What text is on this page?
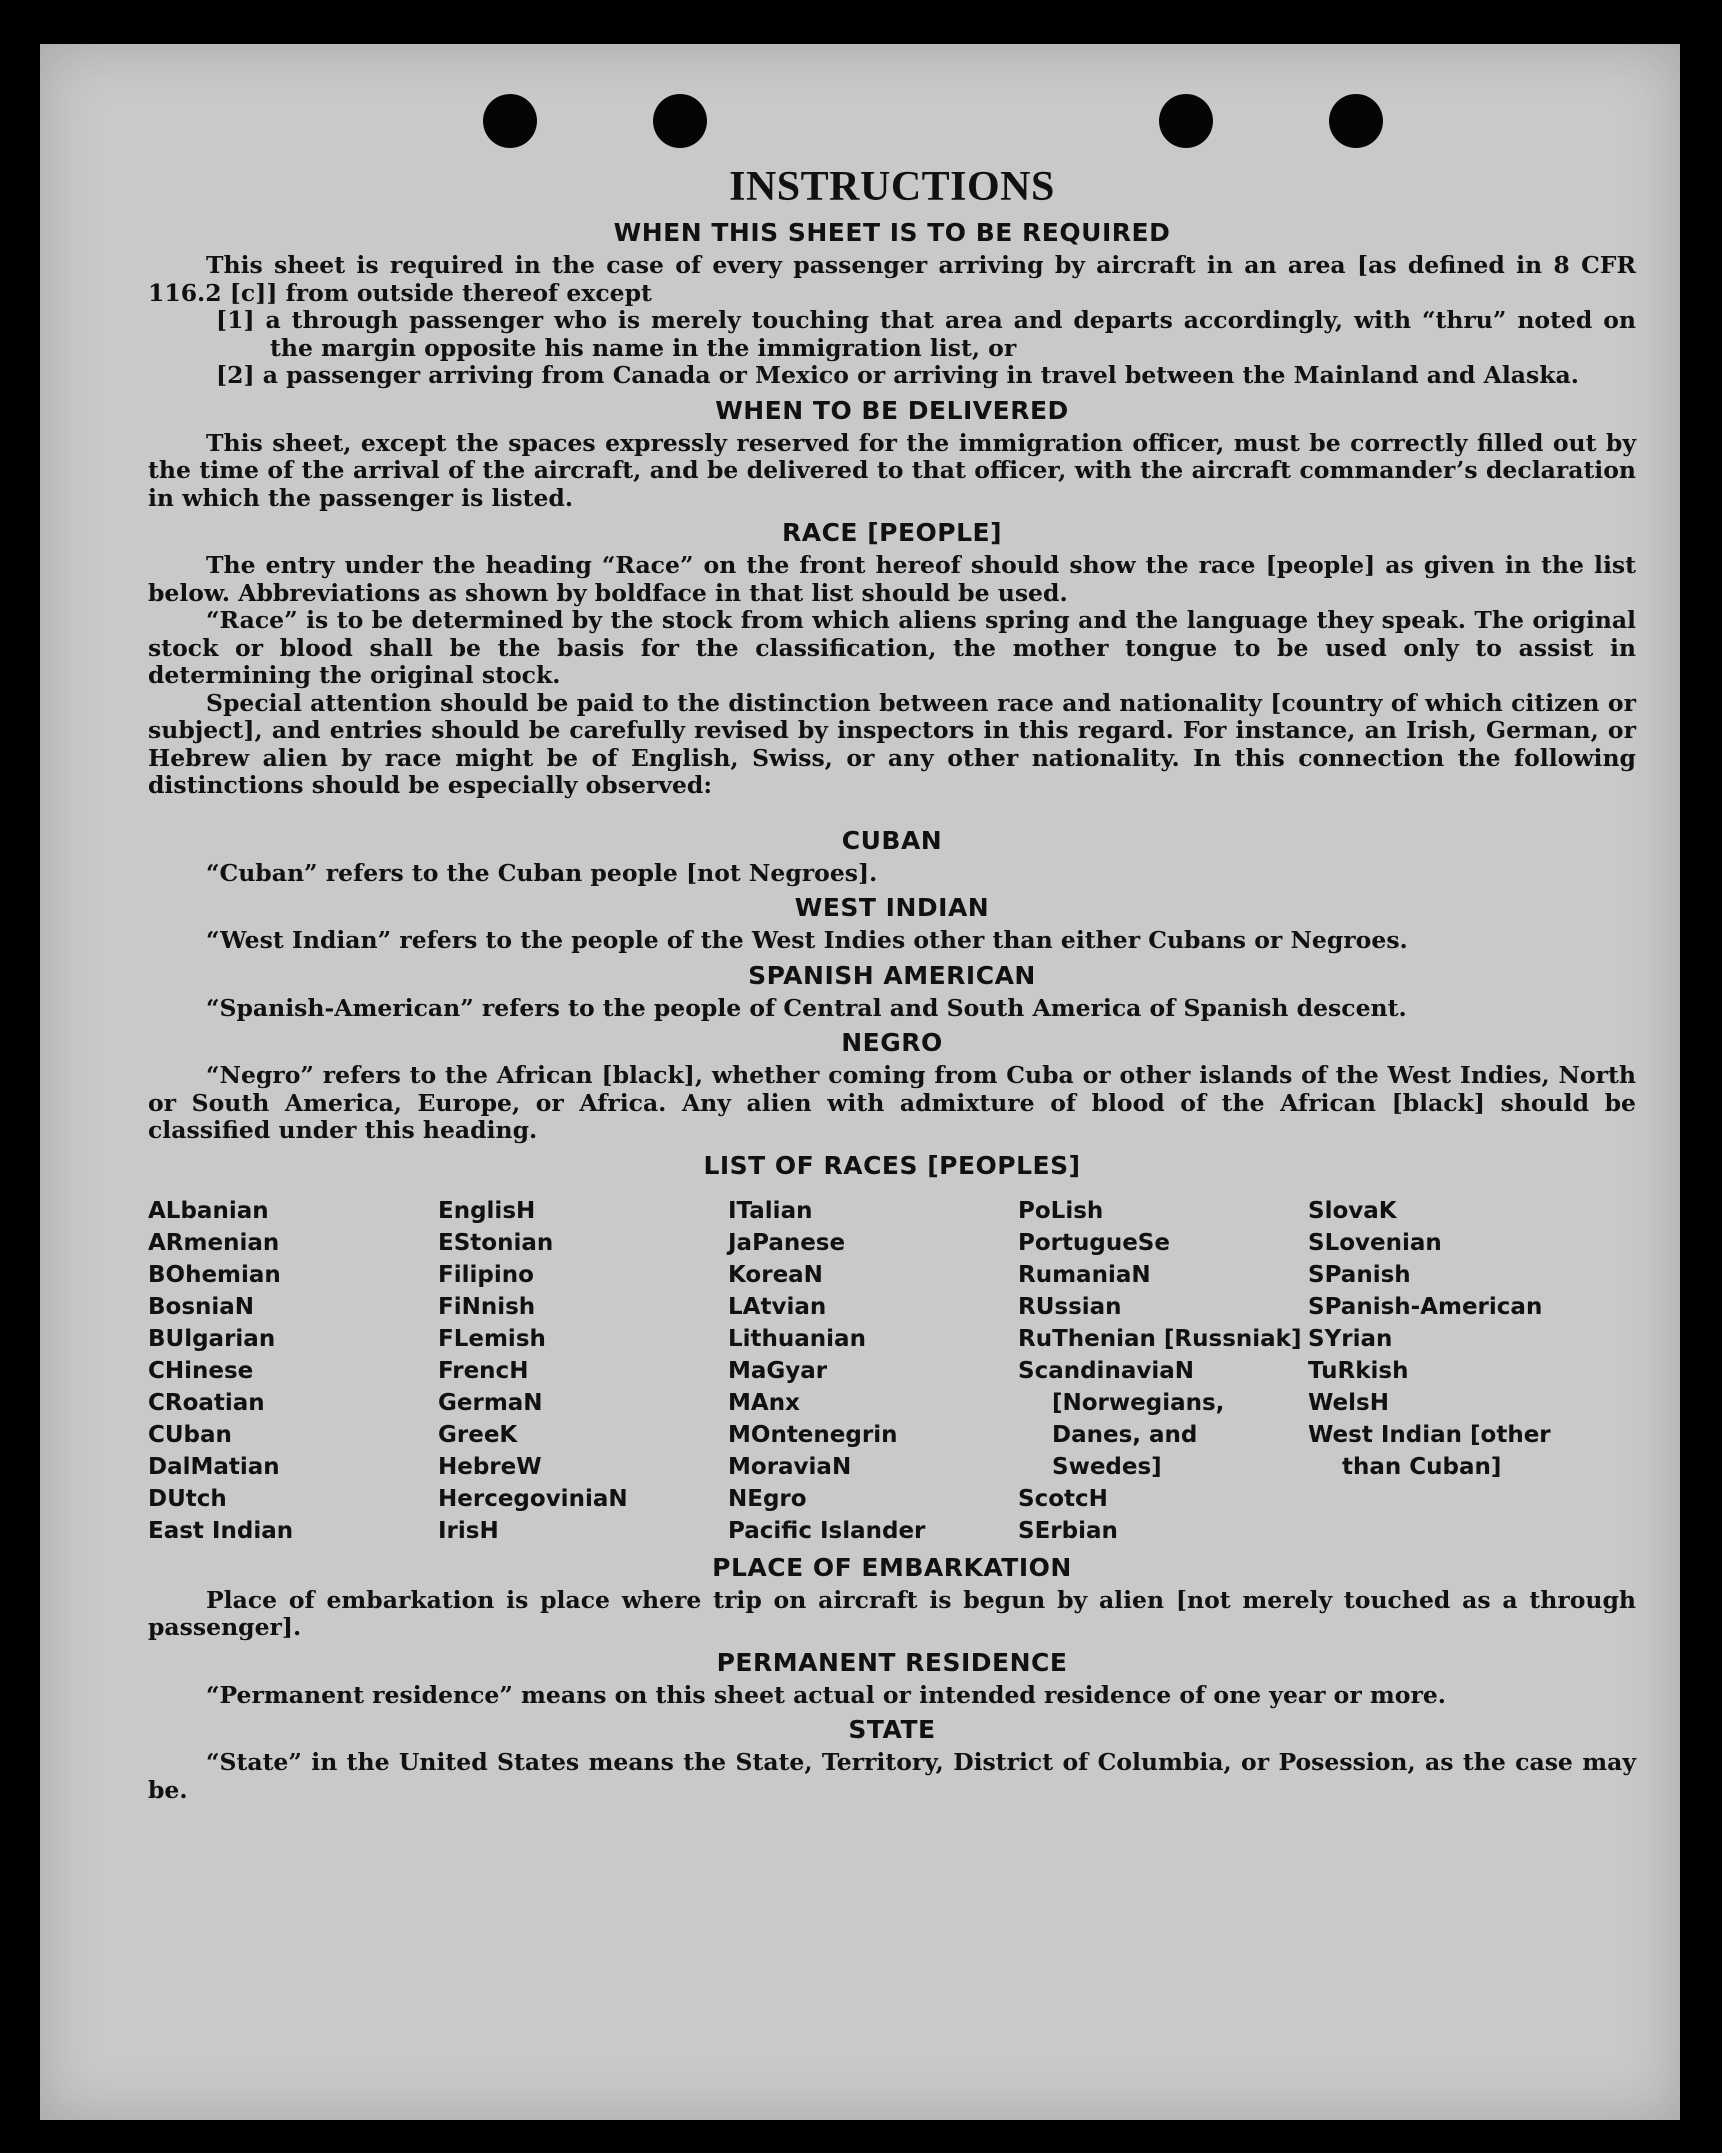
INSTRUCTIONS
WHEN THIS SHEET IS TO BE REQUIRED

This sheet is required in the case of every passenger arriving by aircraft in an area [as defined in 8 CFR 116.2 [c]] from outside thereof except

[1] a through passenger who is merely touching that area and departs accordingly, with “thru” noted on the margin opposite his name in the immigration list, or

[2] a passenger arriving from Canada or Mexico or arriving in travel between the Mainland and Alaska.

WHEN TO BE DELIVERED

This sheet, except the spaces expressly reserved for the immigration officer, must be correctly filled out by the time of the arrival of the aircraft, and be delivered to that officer, with the aircraft commander’s declaration in which the passenger is listed.

RACE [PEOPLE]

The entry under the heading “Race” on the front hereof should show the race [people] as given in the list below. Abbreviations as shown by boldface in that list should be used.

“Race” is to be determined by the stock from which aliens spring and the language they speak. The original stock or blood shall be the basis for the classification, the mother tongue to be used only to assist in determining the original stock.

Special attention should be paid to the distinction between race and nationality [country of which citizen or subject], and entries should be carefully revised by inspectors in this regard. For instance, an Irish, German, or Hebrew alien by race might be of English, Swiss, or any other nationality. In this connection the following distinctions should be especially observed:

CUBAN

“Cuban” refers to the Cuban people [not Negroes].

WEST INDIAN

“West Indian” refers to the people of the West Indies other than either Cubans or Negroes.

SPANISH AMERICAN

“Spanish-American” refers to the people of Central and South America of Spanish descent.

NEGRO

“Negro” refers to the African [black], whether coming from Cuba or other islands of the West Indies, North or South America, Europe, or Africa. Any alien with admixture of blood of the African [black] should be classified under this heading.

LIST OF RACES [PEOPLES]
ALbanian
ARmenian
BOhemian
BosniaN
BUlgarian
CHinese
CRoatian
CUban
DalMatian
DUtch
East Indian
EnglisH
EStonian
Filipino
FiNnish
FLemish
FrencH
GermaN
GreeK
HebreW
HercegoviniaN
IrisH
ITalian
JaPanese
KoreaN
LAtvian
Lithuanian
MaGyar
MAnx
MOntenegrin
MoraviaN
NEgro
Pacific Islander
PoLish
PortugueSe
RumaniaN
RUssian
RuThenian [Russniak]
ScandinaviaN [Norwegians, Danes, and Swedes]
ScotcH
SErbian
SlovaK
SLovenian
SPanish
SPanish-American
SYrian
TuRkish
WelsH
West Indian [other than Cuban]
PLACE OF EMBARKATION

Place of embarkation is place where trip on aircraft is begun by alien [not merely touched as a through passenger].

PERMANENT RESIDENCE

“Permanent residence” means on this sheet actual or intended residence of one year or more.

STATE

“State” in the United States means the State, Territory, District of Columbia, or Posession, as the case may be.
